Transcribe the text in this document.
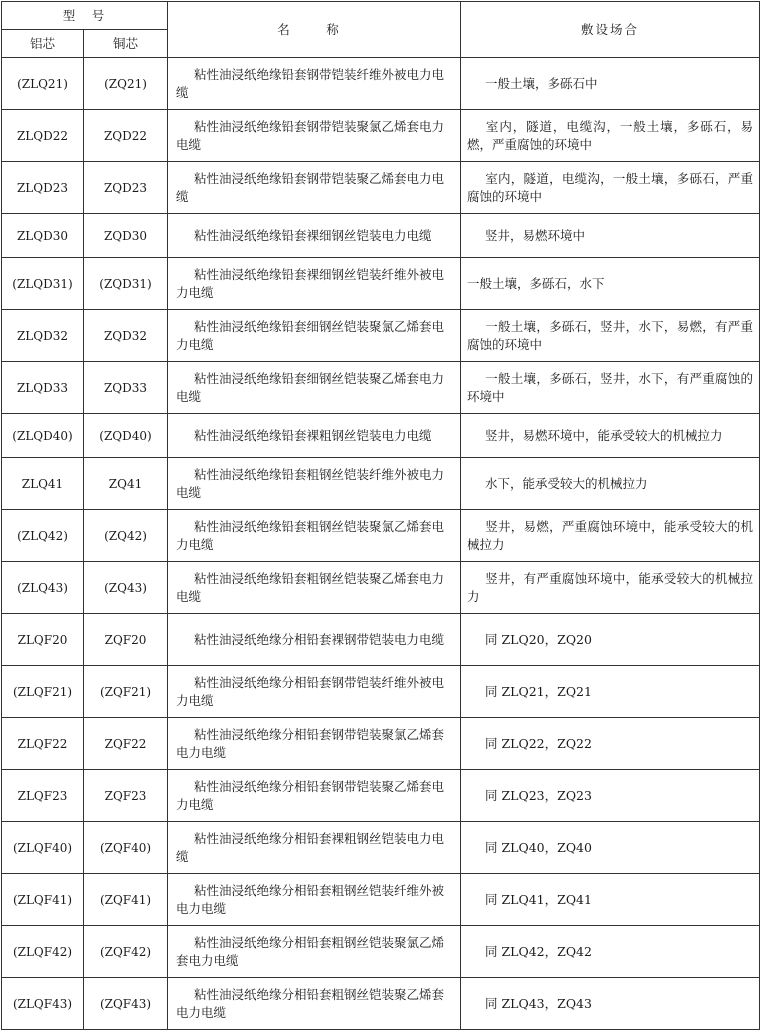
型　号		名　称	敷设场合
铝芯	铜芯		
(ZLQ21)	(ZQ21)	粘性油浸纸绝缘铅套钢带铠装纤维外被电力电缆	一般土壤，多砾石中
ZLQD22	ZQD22	粘性油浸纸绝缘铅套钢带铠装聚氯乙烯套电力电缆	室内，隧道，电缆沟，一般土壤，多砾石，易燃，严重腐蚀的环境中
ZLQD23	ZQD23	粘性油浸纸绝缘铅套钢带铠装聚乙烯套电力电缆	室内，隧道，电缆沟，一般土壤，多砾石，严重腐蚀的环境中
ZLQD30	ZQD30	粘性油浸纸绝缘铅套裸细钢丝铠装电力电缆	竖井，易燃环境中
(ZLQD31)	(ZQD31)	粘性油浸纸绝缘铅套裸细钢丝铠装纤维外被电力电缆	一般土壤，多砾石，水下
ZLQD32	ZQD32	粘性油浸纸绝缘铅套细钢丝铠装聚氯乙烯套电力电缆	一般土壤，多砾石，竖井，水下，易燃，有严重腐蚀的环境中
ZLQD33	ZQD33	粘性油浸纸绝缘铅套细钢丝铠装聚乙烯套电力电缆	一般土壤，多砾石，竖井，水下，有严重腐蚀的环境中
(ZLQD40)	(ZQD40)	粘性油浸纸绝缘铅套裸粗钢丝铠装电力电缆	竖井，易燃环境中，能承受较大的机械拉力
ZLQ41	ZQ41	粘性油浸纸绝缘铅套粗钢丝铠装纤维外被电力电缆	水下，能承受较大的机械拉力
(ZLQ42)	(ZQ42)	粘性油浸纸绝缘铅套粗钢丝铠装聚氯乙烯套电力电缆	竖井，易燃，严重腐蚀环境中，能承受较大的机械拉力
(ZLQ43)	(ZQ43)	粘性油浸纸绝缘铅套粗钢丝铠装聚乙烯套电力电缆	竖井，有严重腐蚀环境中，能承受较大的机械拉力
ZLQF20	ZQF20	粘性油浸纸绝缘分相铅套裸钢带铠装电力电缆	同 ZLQ20，ZQ20
(ZLQF21)	(ZQF21)	粘性油浸纸绝缘分相铅套钢带铠装纤维外被电力电缆	同 ZLQ21，ZQ21
ZLQF22	ZQF22	粘性油浸纸绝缘分相铅套钢带铠装聚氯乙烯套电力电缆	同 ZLQ22，ZQ22
ZLQF23	ZQF23	粘性油浸纸绝缘分相铅套钢带铠装聚乙烯套电力电缆	同 ZLQ23，ZQ23
(ZLQF40)	(ZQF40)	粘性油浸纸绝缘分相铅套裸粗钢丝铠装电力电缆	同 ZLQ40，ZQ40
(ZLQF41)	(ZQF41)	粘性油浸纸绝缘分相铅套粗钢丝铠装纤维外被电力电缆	同 ZLQ41，ZQ41
(ZLQF42)	(ZQF42)	粘性油浸纸绝缘分相铅套粗钢丝铠装聚氯乙烯套电力电缆	同 ZLQ42，ZQ42
(ZLQF43)	(ZQF43)	粘性油浸纸绝缘分相铅套粗钢丝铠装聚乙烯套电力电缆	同 ZLQ43，ZQ43
